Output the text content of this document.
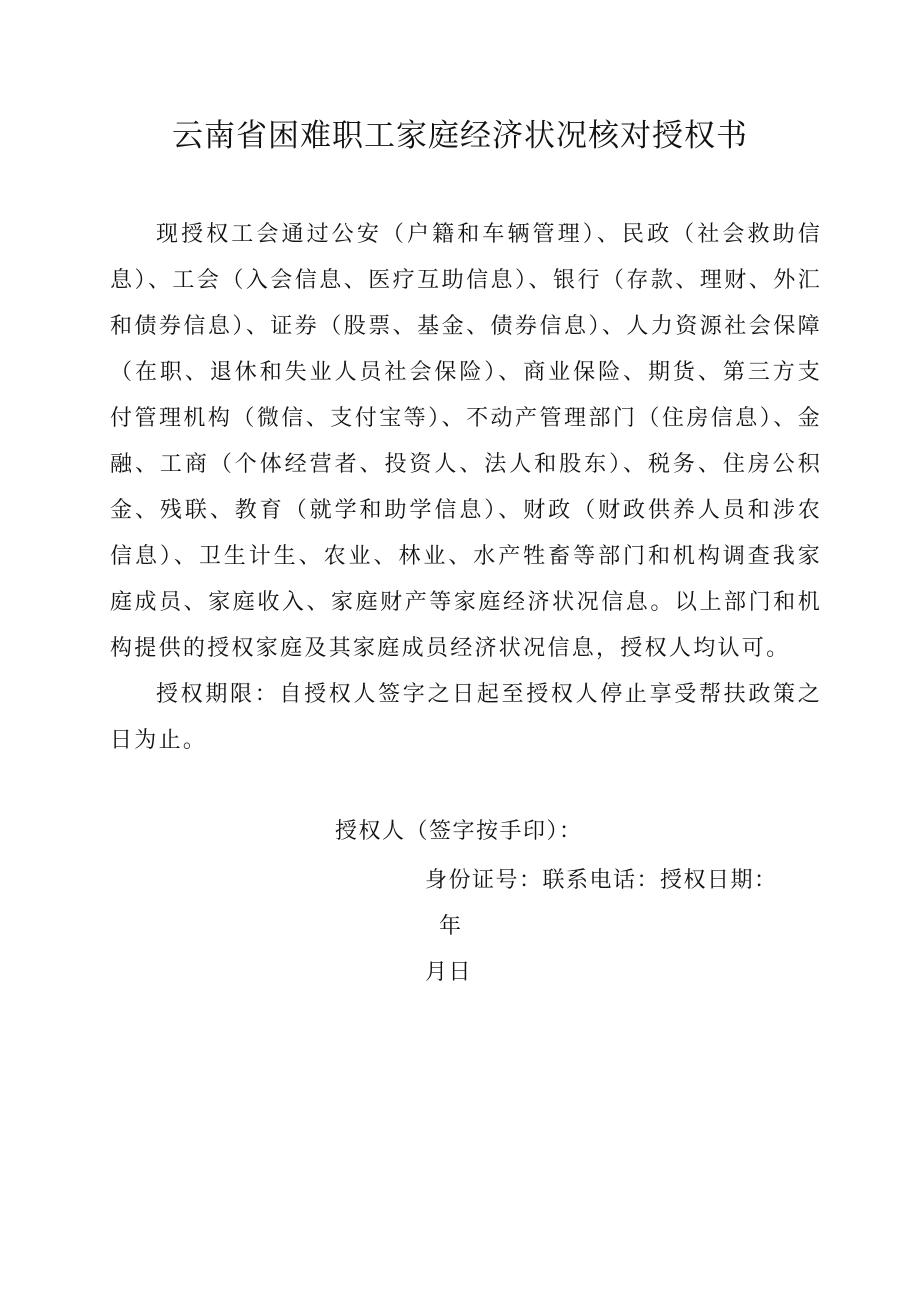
云南省困难职工家庭经济状况核对授权书

现授权工会通过公安（户籍和车辆管理）、民政（社会救助信息）、工会（入会信息、医疗互助信息）、银行（存款、理财、外汇和债券信息）、证券（股票、基金、债券信息）、人力资源社会保障（在职、退休和失业人员社会保险）、商业保险、期货、第三方支付管理机构（微信、支付宝等）、不动产管理部门（住房信息）、金融、工商（个体经营者、投资人、法人和股东）、税务、住房公积金、残联、教育（就学和助学信息）、财政（财政供养人员和涉农信息）、卫生计生、农业、林业、水产牲畜等部门和机构调查我家庭成员、家庭收入、家庭财产等家庭经济状况信息。以上部门和机构提供的授权家庭及其家庭成员经济状况信息，授权人均认可。

授权期限：自授权人签字之日起至授权人停止享受帮扶政策之日为止。

授权人（签字按手印）：
身份证号：联系电话：授权日期：年
月日
